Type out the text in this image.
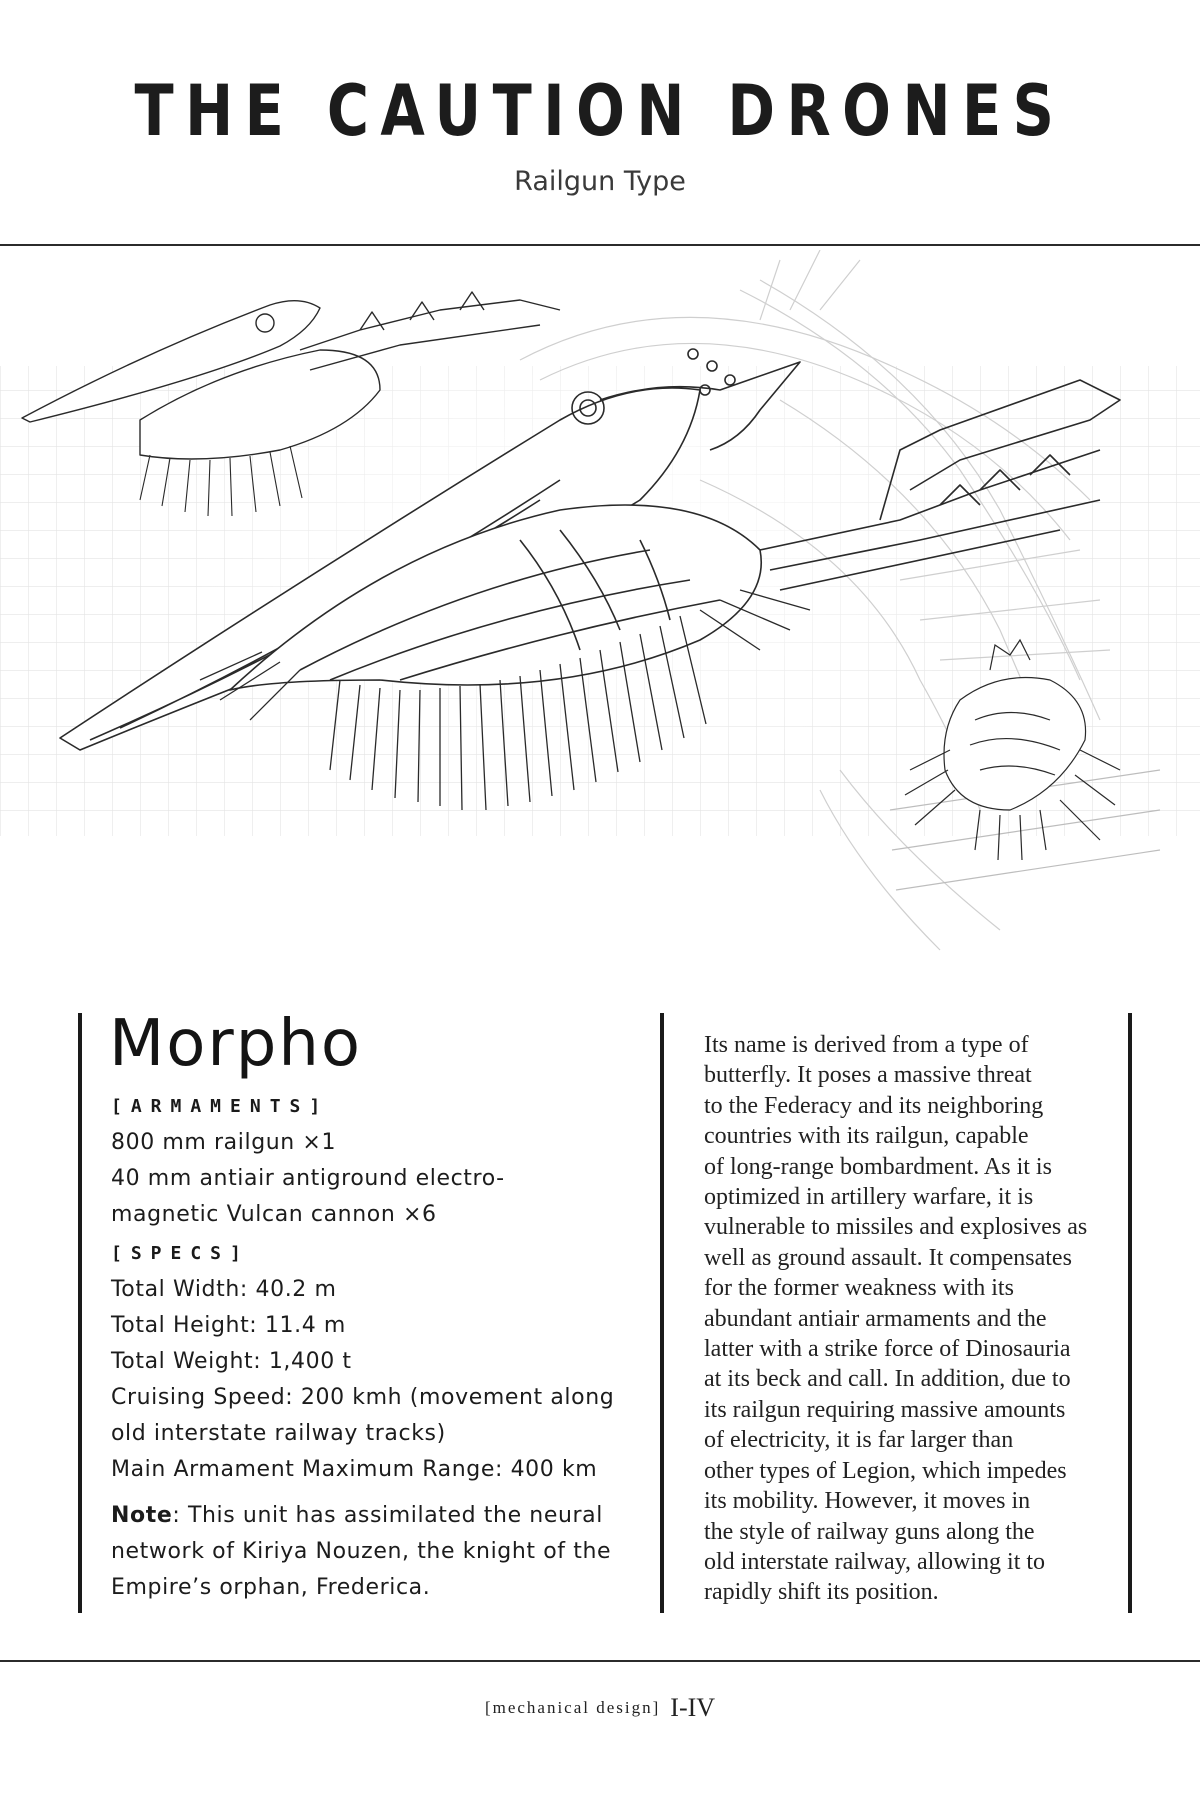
THE CAUTION DRONES
Railgun Type
Morpho
[ARMAMENTS]
800 mm railgun ×1
40 mm antiair antiground electro-
magnetic Vulcan cannon ×6
[SPECS]
Total Width: 40.2 m
Total Height: 11.4 m
Total Weight: 1,400 t
Cruising Speed: 200 kmh (movement along
old interstate railway tracks)
Main Armament Maximum Range: 400 km
Note: This unit has assimilated the neural
network of Kiriya Nouzen, the knight of the
Empire’s orphan, Frederica.

Its name is derived from a type of

butterfly. It poses a massive threat

to the Federacy and its neighboring

countries with its railgun, capable

of long-range bombardment. As it is

optimized in artillery warfare, it is

vulnerable to missiles and explosives as

well as ground assault. It compensates

for the former weakness with its

abundant antiair armaments and the

latter with a strike force of Dinosauria

at its beck and call. In addition, due to

its railgun requiring massive amounts

of electricity, it is far larger than

other types of Legion, which impedes

its mobility. However, it moves in

the style of railway guns along the

old interstate railway, allowing it to

rapidly shift its position.

[mechanical design] I-IV
